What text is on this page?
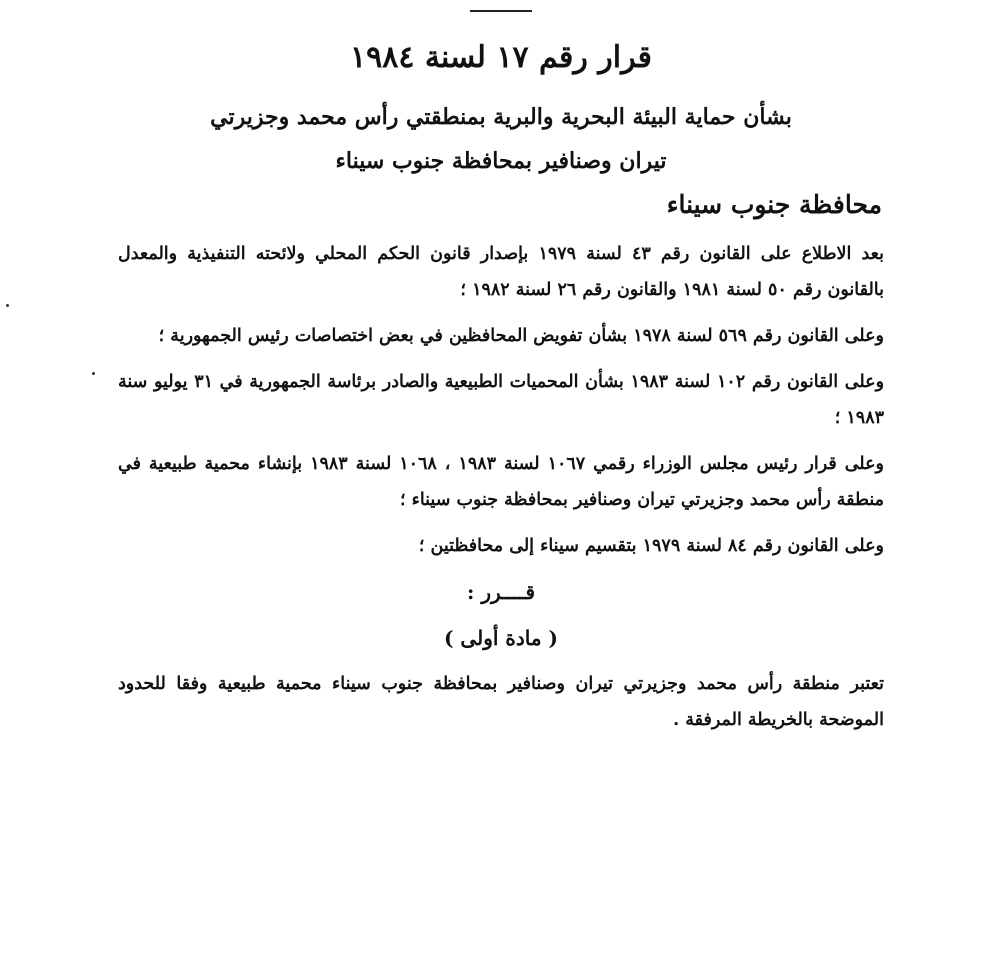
قرار رقم ١٧ لسنة ١٩٨٤
بشأن حماية البيئة البحرية والبرية بمنطقتي رأس محمد وجزيرتي تيران وصنافير بمحافظة جنوب سيناء
محافظة جنوب سيناء

بعد الاطلاع على القانون رقم ٤٣ لسنة ١٩٧٩ بإصدار قانون الحكم المحلي ولائحته التنفيذية والمعدل بالقانون رقم ٥٠ لسنة ١٩٨١ والقانون رقم ٢٦ لسنة ١٩٨٢ ؛

وعلى القانون رقم ٥٦٩ لسنة ١٩٧٨ بشأن تفويض المحافظين في بعض اختصاصات رئيس الجمهورية ؛

وعلى القانون رقم ١٠٢ لسنة ١٩٨٣ بشأن المحميات الطبيعية والصادر برئاسة الجمهورية في ٣١ يوليو سنة ١٩٨٣ ؛

وعلى قرار رئيس مجلس الوزراء رقمي ١٠٦٧ لسنة ١٩٨٣ ، ١٠٦٨ لسنة ١٩٨٣ بإنشاء محمية طبيعية في منطقة رأس محمد وجزيرتي تيران وصنافير بمحافظة جنوب سيناء ؛

وعلى القانون رقم ٨٤ لسنة ١٩٧٩ بتقسيم سيناء إلى محافظتين ؛

قــــرر :

( مادة أولى )

تعتبر منطقة رأس محمد وجزيرتي تيران وصنافير بمحافظة جنوب سيناء محمية طبيعية وفقا للحدود الموضحة بالخريطة المرفقة .
